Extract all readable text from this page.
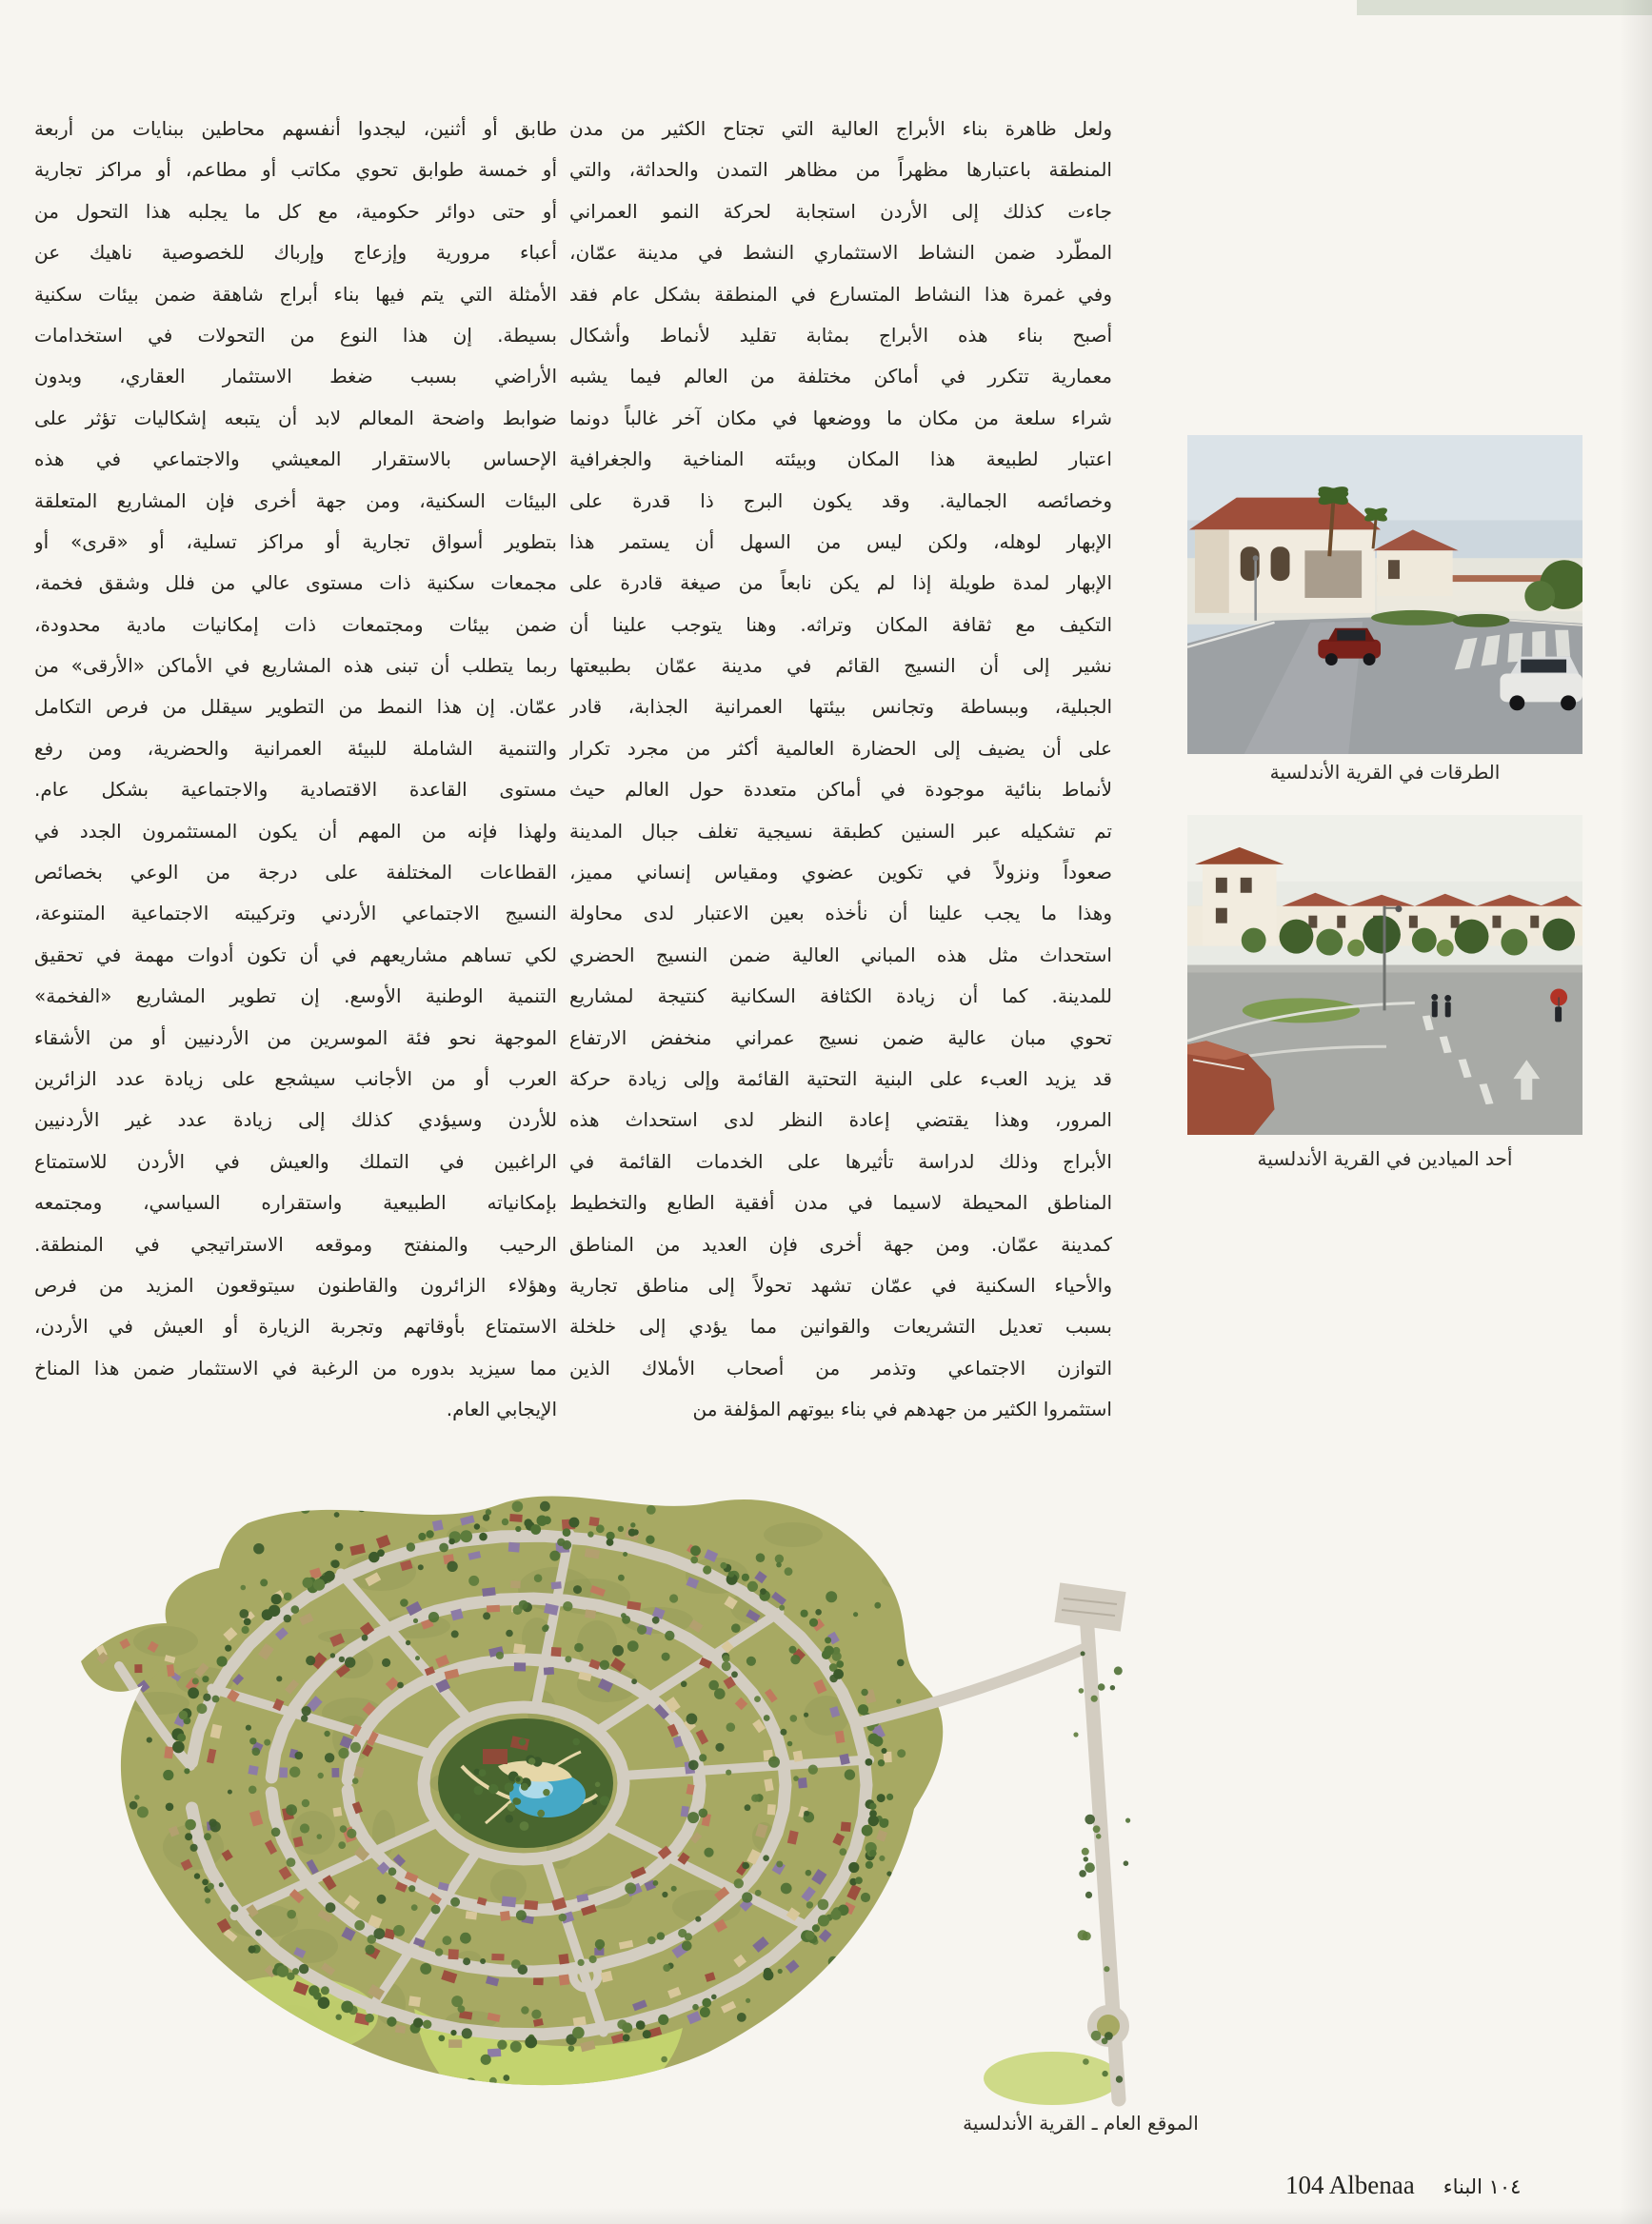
ولعل ظاهرة بناء الأبراج العالية التي تجتاح الكثير من مدن
المنطقة باعتبارها مظهراً من مظاهر التمدن والحداثة، والتي
جاءت كذلك إلى الأردن استجابة لحركة النمو العمراني
المطّرد ضمن النشاط الاستثماري النشط في مدينة عمّان،
وفي غمرة هذا النشاط المتسارع في المنطقة بشكل عام فقد
أصبح بناء هذه الأبراج بمثابة تقليد لأنماط وأشكال
معمارية تتكرر في أماكن مختلفة من العالم فيما يشبه
شراء سلعة من مكان ما ووضعها في مكان آخر غالباً دونما
اعتبار لطبيعة هذا المكان وبيئته المناخية والجغرافية
وخصائصه الجمالية. وقد يكون البرج ذا قدرة على
الإبهار لوهله، ولكن ليس من السهل أن يستمر هذا
الإبهار لمدة طويلة إذا لم يكن نابعاً من صيغة قادرة على
التكيف مع ثقافة المكان وتراثه. وهنا يتوجب علينا أن
نشير إلى أن النسيج القائم في مدينة عمّان بطبيعتها
الجبلية، وببساطة وتجانس بيئتها العمرانية الجذابة، قادر
على أن يضيف إلى الحضارة العالمية أكثر من مجرد تكرار
لأنماط بنائية موجودة في أماكن متعددة حول العالم حيث
تم تشكيله عبر السنين كطبقة نسيجية تغلف جبال المدينة
صعوداً ونزولاً في تكوين عضوي ومقياس إنساني مميز،
وهذا ما يجب علينا أن نأخذه بعين الاعتبار لدى محاولة
استحداث مثل هذه المباني العالية ضمن النسيج الحضري
للمدينة. كما أن زيادة الكثافة السكانية كنتيجة لمشاريع
تحوي مبان عالية ضمن نسيج عمراني منخفض الارتفاع
قد يزيد العبء على البنية التحتية القائمة وإلى زيادة حركة
المرور، وهذا يقتضي إعادة النظر لدى استحداث هذه
الأبراج وذلك لدراسة تأثيرها على الخدمات القائمة في
المناطق المحيطة لاسيما في مدن أفقية الطابع والتخطيط
كمدينة عمّان. ومن جهة أخرى فإن العديد من المناطق
والأحياء السكنية في عمّان تشهد تحولاً إلى مناطق تجارية
بسبب تعديل التشريعات والقوانين مما يؤدي إلى خلخلة
التوازن الاجتماعي وتذمر من أصحاب الأملاك الذين
استثمروا الكثير من جهدهم في بناء بيوتهم المؤلفة من
طابق أو أثنين، ليجدوا أنفسهم محاطين ببنايات من أربعة
أو خمسة طوابق تحوي مكاتب أو مطاعم، أو مراكز تجارية
أو حتى دوائر حكومية، مع كل ما يجلبه هذا التحول من
أعباء مرورية وإزعاج وإرباك للخصوصية ناهيك عن
الأمثلة التي يتم فيها بناء أبراج شاهقة ضمن بيئات سكنية
بسيطة. إن هذا النوع من التحولات في استخدامات
الأراضي بسبب ضغط الاستثمار العقاري، وبدون
ضوابط واضحة المعالم لابد أن يتبعه إشكاليات تؤثر على
الإحساس بالاستقرار المعيشي والاجتماعي في هذه
البيئات السكنية، ومن جهة أخرى فإن المشاريع المتعلقة
بتطوير أسواق تجارية أو مراكز تسلية، أو «قرى» أو
مجمعات سكنية ذات مستوى عالي من فلل وشقق فخمة،
ضمن بيئات ومجتمعات ذات إمكانيات مادية محدودة،
ربما يتطلب أن تبنى هذه المشاريع في الأماكن «الأرقى» من
عمّان. إن هذا النمط من التطوير سيقلل من فرص التكامل
والتنمية الشاملة للبيئة العمرانية والحضرية، ومن رفع
مستوى القاعدة الاقتصادية والاجتماعية بشكل عام.
ولهذا فإنه من المهم أن يكون المستثمرون الجدد في
القطاعات المختلفة على درجة من الوعي بخصائص
النسيج الاجتماعي الأردني وتركيبته الاجتماعية المتنوعة،
لكي تساهم مشاريعهم في أن تكون أدوات مهمة في تحقيق
التنمية الوطنية الأوسع. إن تطوير المشاريع «الفخمة»
الموجهة نحو فئة الموسرين من الأردنيين أو من الأشقاء
العرب أو من الأجانب سيشجع على زيادة عدد الزائرين
للأردن وسيؤدي كذلك إلى زيادة عدد غير الأردنيين
الراغبين في التملك والعيش في الأردن للاستمتاع
بإمكانياته الطبيعية واستقراره السياسي، ومجتمعه
الرحيب والمنفتح وموقعه الاستراتيجي في المنطقة.
وهؤلاء الزائرون والقاطنون سيتوقعون المزيد من فرص
الاستمتاع بأوقاتهم وتجربة الزيارة أو العيش في الأردن،
مما سيزيد بدوره من الرغبة في الاستثمار ضمن هذا المناخ
الإيجابي العام.
الطرقات في القرية الأندلسية
أحد الميادين في القرية الأندلسية
الموقع العام ـ القرية الأندلسية
104 Albenaa ١٠٤ البناء
